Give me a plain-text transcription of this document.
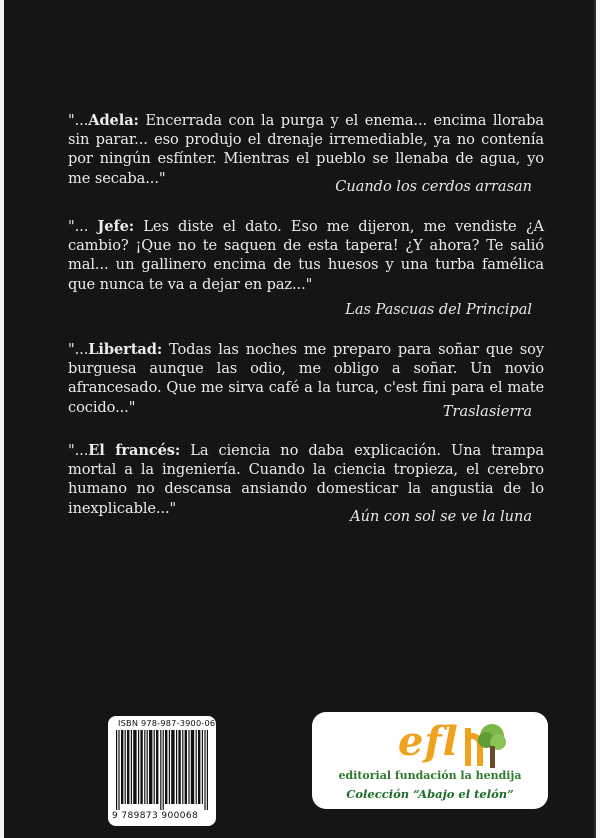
"...Adela: Encerrada con la purga y el enema... encima lloraba sin parar... eso produjo el drenaje irremediable, ya no contenía por ningún esfínter. Mientras el pueblo se llenaba de agua, yo me secaba..."
Cuando los cerdos arrasan
"... Jefe: Les diste el dato. Eso me dijeron, me vendiste ¿A cambio? ¡Que no te saquen de esta tapera! ¿Y ahora? Te salió mal... un gallinero encima de tus huesos y una turba famélica que nunca te va a dejar en paz..."
Las Pascuas del Principal
"...Libertad: Todas las noches me preparo para soñar que soy burguesa aunque las odio, me obligo a soñar. Un novio afrancesado. Que me sirva café a la turca, c'est fini para el mate cocido..."	Traslasierra
"...El francés: La ciencia no daba explicación. Una trampa mortal a la ingeniería. Cuando la ciencia tropieza, el cerebro humano no descansa ansiando domesticar la angustia de lo inexplicable..."
Aún con sol se ve la luna
ISBN 978-987-3900-06-8
9 789873 900068
efl
editorial fundación la hendija
Colección “Abajo el telón”
